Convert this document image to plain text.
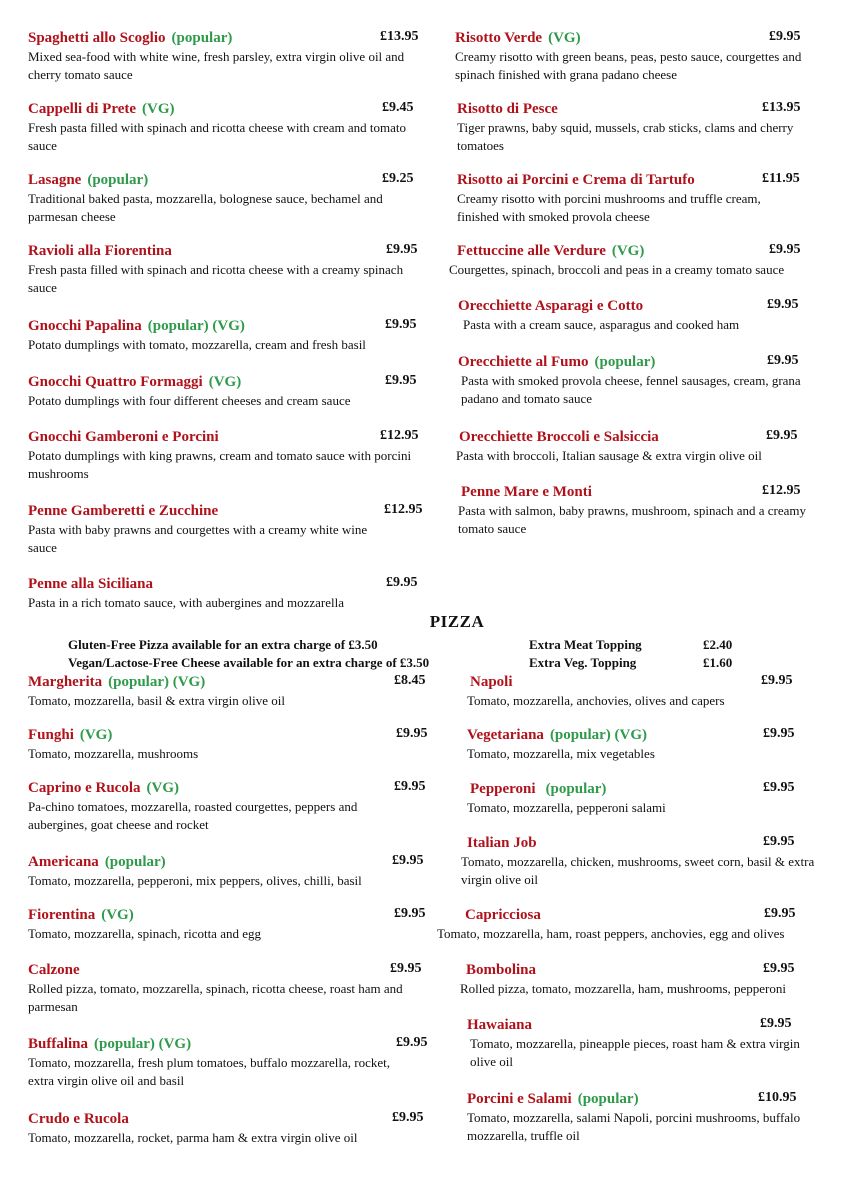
Spaghetti allo Scoglio (popular)	£13.95
Mixed sea-food with white wine, fresh parsley, extra virgin olive oil and cherry tomato sauce
Cappelli di Prete (VG)	£9.45
Fresh pasta filled with spinach and ricotta cheese with cream and tomato sauce
Lasagne (popular)	£9.25
Traditional baked pasta, mozzarella, bolognese sauce, bechamel and parmesan cheese
Ravioli alla Fiorentina	£9.95
Fresh pasta filled with spinach and ricotta cheese with a creamy spinach sauce
Gnocchi Papalina (popular) (VG)	£9.95
Potato dumplings with tomato, mozzarella, cream and fresh basil
Gnocchi Quattro Formaggi (VG)	£9.95
Potato dumplings with four different cheeses and cream sauce
Gnocchi Gamberoni e Porcini	£12.95
Potato dumplings with king prawns, cream and tomato sauce with porcini mushrooms
Penne Gamberetti e Zucchine	£12.95
Pasta with baby prawns and courgettes with a creamy white wine sauce
Penne alla Siciliana	£9.95
Pasta in a rich tomato sauce, with aubergines and mozzarella
Risotto Verde (VG)	£9.95
Creamy risotto with green beans, peas, pesto sauce, courgettes and spinach finished with grana padano cheese
Risotto di Pesce	£13.95
Tiger prawns, baby squid, mussels, crab sticks, clams and cherry tomatoes
Risotto ai Porcini e Crema di Tartufo	£11.95
Creamy risotto with porcini mushrooms and truffle cream, finished with smoked provola cheese
Fettuccine alle Verdure (VG)	£9.95
Courgettes, spinach, broccoli and peas in a creamy tomato sauce
Orecchiette Asparagi e Cotto	£9.95
Pasta with a cream sauce, asparagus and cooked ham
Orecchiette al Fumo (popular)	£9.95
Pasta with smoked provola cheese, fennel sausages, cream, grana padano and tomato sauce
Orecchiette Broccoli e Salsiccia	£9.95
Pasta with broccoli, Italian sausage & extra virgin olive oil
Penne Mare e Monti	£12.95
Pasta with salmon, baby prawns, mushroom, spinach and a creamy tomato sauce
PIZZA
Gluten-Free Pizza available for an extra charge of £3.50
Vegan/Lactose-Free Cheese available for an extra charge of £3.50
Extra Meat Topping	£2.40
Extra Veg. Topping	£1.60
Margherita (popular) (VG)	£8.45
Tomato, mozzarella, basil & extra virgin olive oil
Funghi (VG)	£9.95
Tomato, mozzarella, mushrooms
Caprino e Rucola (VG)	£9.95
Pa-chino tomatoes, mozzarella, roasted courgettes, peppers and aubergines, goat cheese and rocket
Americana (popular)	£9.95
Tomato, mozzarella, pepperoni, mix peppers, olives, chilli, basil
Fiorentina (VG)	£9.95
Tomato, mozzarella, spinach, ricotta and egg
Calzone	£9.95
Rolled pizza, tomato, mozzarella, spinach, ricotta cheese, roast ham and parmesan
Buffalina (popular) (VG)	£9.95
Tomato, mozzarella, fresh plum tomatoes, buffalo mozzarella, rocket, extra virgin olive oil and basil
Crudo e Rucola	£9.95
Tomato, mozzarella, rocket, parma ham & extra virgin olive oil
Napoli	£9.95
Tomato, mozzarella, anchovies, olives and capers
Vegetariana (popular) (VG)	£9.95
Tomato, mozzarella, mix vegetables
Pepperoni (popular)	£9.95
Tomato, mozzarella, pepperoni salami
Italian Job	£9.95
Tomato, mozzarella, chicken, mushrooms, sweet corn, basil & extra virgin olive oil
Capricciosa	£9.95
Tomato, mozzarella, ham, roast peppers, anchovies, egg and olives
Bombolina	£9.95
Rolled pizza, tomato, mozzarella, ham, mushrooms, pepperoni
Hawaiana	£9.95
Tomato, mozzarella, pineapple pieces, roast ham & extra virgin olive oil
Porcini e Salami (popular)	£10.95
Tomato, mozzarella, salami Napoli, porcini mushrooms, buffalo mozzarella, truffle oil
